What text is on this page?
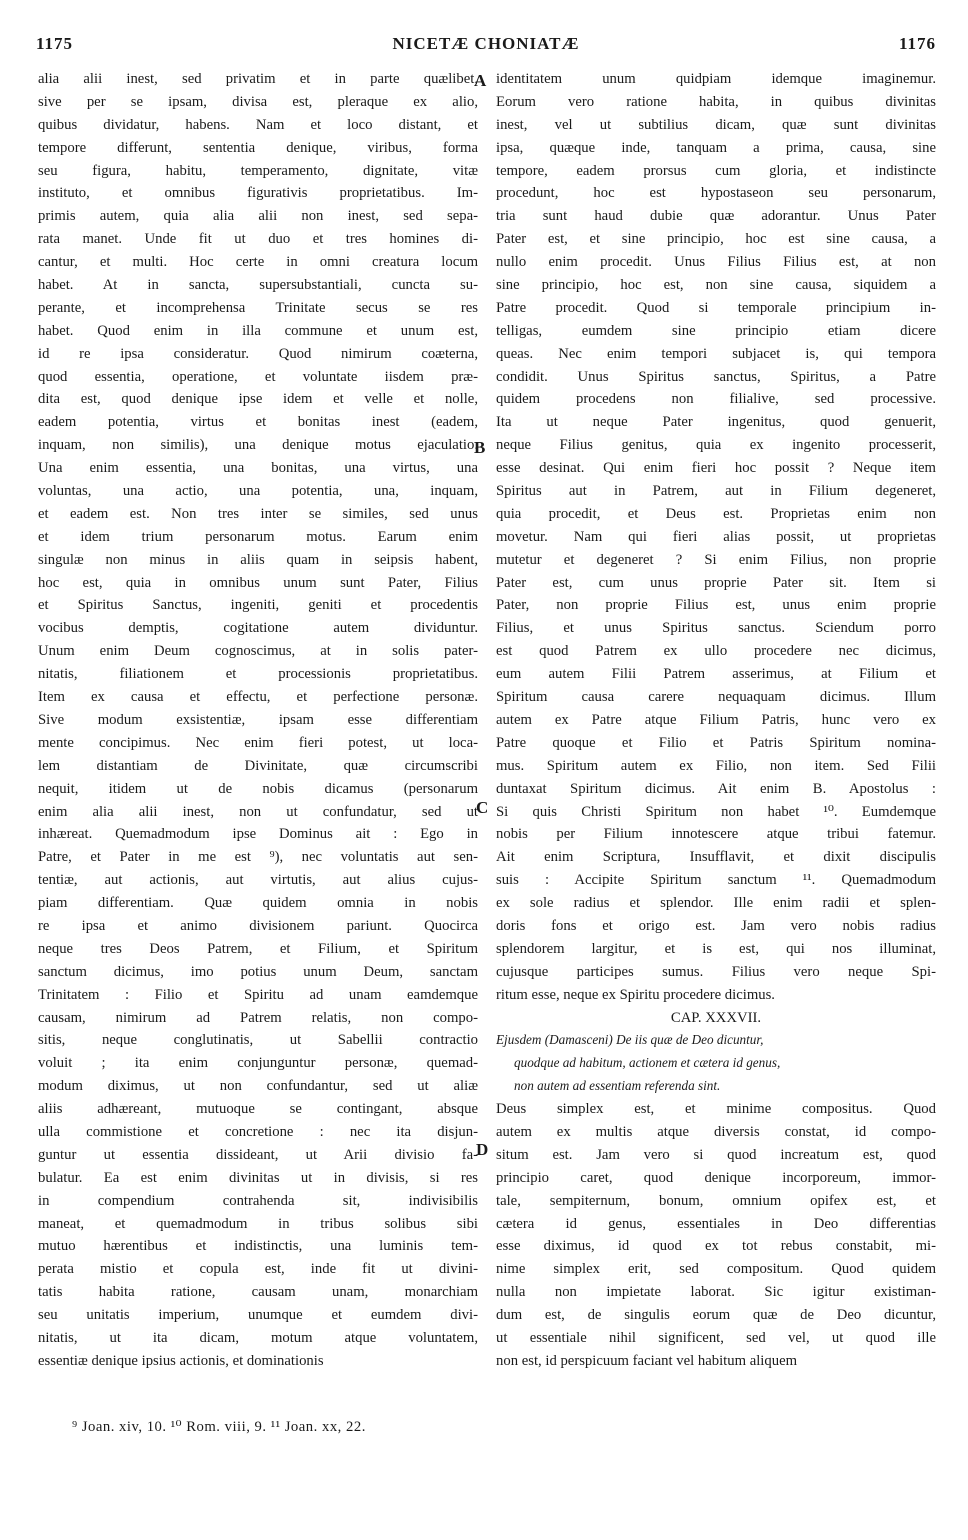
1175	NICETÆ CHONIATÆ	1176
alia alii inest, sed privatim et in parte quælibet,
sive per se ipsam, divisa est, pleraque ex alio,
quibus dividatur, habens. Nam et loco distant, et
tempore differunt, sententia denique, viribus, forma
seu figura, habitu, temperamento, dignitate, vitæ
instituto, et omnibus figurativis proprietatibus. Im-
primis autem, quia alia alii non inest, sed sepa-
rata manet. Unde fit ut duo et tres homines di-
cantur, et multi. Hoc certe in omni creatura locum
habet. At in sancta, supersubstantiali, cuncta su-
perante, et incomprehensa Trinitate secus se res
habet. Quod enim in illa commune et unum est,
id re ipsa consideratur. Quod nimirum coæterna,
quod essentia, operatione, et voluntate iisdem præ-
dita est, quod denique ipse idem et velle et nolle,
eadem potentia, virtus et bonitas inest (eadem,
inquam, non similis), una denique motus ejaculatio.
Una enim essentia, una bonitas, una virtus, una
voluntas, una actio, una potentia, una, inquam,
et eadem est. Non tres inter se similes, sed unus
et idem trium personarum motus. Earum enim
singulæ non minus in aliis quam in seipsis habent,
hoc est, quia in omnibus unum sunt Pater, Filius
et Spiritus Sanctus, ingeniti, geniti et procedentis
vocibus demptis, cogitatione autem dividuntur.
Unum enim Deum cognoscimus, at in solis pater-
nitatis, filiationem et processionis proprietatibus.
Item ex causa et effectu, et perfectione personæ.
Sive modum exsistentiæ, ipsam esse differentiam
mente concipimus. Nec enim fieri potest, ut loca-
lem distantiam de Divinitate, quæ circumscribi
nequit, itidem ut de nobis dicamus (personarum
enim alia alii inest, non ut confundatur, sed ut
inhæreat. Quemadmodum ipse Dominus ait : Ego in
Patre, et Pater in me est ⁹), nec voluntatis aut sen-
tentiæ, aut actionis, aut virtutis, aut alius cujus-
piam differentiam. Quæ quidem omnia in nobis
re ipsa et animo divisionem pariunt. Quocirca
neque tres Deos Patrem, et Filium, et Spiritum
sanctum dicimus, imo potius unum Deum, sanctam
Trinitatem : Filio et Spiritu ad unam eamdemque
causam, nimirum ad Patrem relatis, non compo-
sitis, neque conglutinatis, ut Sabellii contractio
voluit ; ita enim conjunguntur personæ, quemad-
modum diximus, ut non confundantur, sed ut aliæ
aliis adhæreant, mutuoque se contingant, absque
ulla commistione et concretione : nec ita disjun-
guntur ut essentia dissideant, ut Arii divisio fa-
bulatur. Ea est enim divinitas ut in divisis, si res
in compendium contrahenda sit, indivisibilis
maneat, et quemadmodum in tribus solibus sibi
mutuo hærentibus et indistinctis, una luminis tem-
perata mistio et copula est, inde fit ut divini-
tatis habita ratione, causam unam, monarchiam
seu unitatis imperium, unumque et eumdem divi-
nitatis, ut ita dicam, motum atque voluntatem,
essentiæ denique ipsius actionis, et dominationis
identitatem unum quidpiam idemque imaginemur.
Eorum vero ratione habita, in quibus divinitas
inest, vel ut subtilius dicam, quæ sunt divinitas
ipsa, quæque inde, tanquam a prima, causa, sine
tempore, eadem prorsus cum gloria, et indistincte
procedunt, hoc est hypostaseon seu personarum,
tria sunt haud dubie quæ adorantur. Unus Pater
Pater est, et sine principio, hoc est sine causa, a
nullo enim procedit. Unus Filius Filius est, at non
sine principio, hoc est, non sine causa, siquidem a
Patre procedit. Quod si temporale principium in-
telligas, eumdem sine principio etiam dicere
queas. Nec enim tempori subjacet is, qui tempora
condidit. Unus Spiritus sanctus, Spiritus, a Patre
quidem procedens non filialive, sed processive.
Ita ut neque Pater ingenitus, quod genuerit,
neque Filius genitus, quia ex ingenito processerit,
esse desinat. Qui enim fieri hoc possit ? Neque item
Spiritus aut in Patrem, aut in Filium degeneret,
quia procedit, et Deus est. Proprietas enim non
movetur. Nam qui fieri alias possit, ut proprietas
mutetur et degeneret ? Si enim Filius, non proprie
Pater est, cum unus proprie Pater sit. Item si
Pater, non proprie Filius est, unus enim proprie
Filius, et unus Spiritus sanctus. Sciendum porro
est quod Patrem ex ullo procedere nec dicimus,
eum autem Filii Patrem asserimus, at Filium et
Spiritum causa carere nequaquam dicimus. Illum
autem ex Patre atque Filium Patris, hunc vero ex
Patre quoque et Filio et Patris Spiritum nomina-
mus. Spiritum autem ex Filio, non item. Sed Filii
duntaxat Spiritum dicimus. Ait enim B. Apostolus :
Si quis Christi Spiritum non habet ¹⁰. Eumdemque
nobis per Filium innotescere atque tribui fatemur.
Ait enim Scriptura, Insufflavit, et dixit discipulis
suis : Accipite Spiritum sanctum ¹¹. Quemadmodum
ex sole radius et splendor. Ille enim radii et splen-
doris fons et origo est. Jam vero nobis radius
splendorem largitur, et is est, qui nos illuminat,
cujusque participes sumus. Filius vero neque Spi-
ritum esse, neque ex Spiritu procedere dicimus.
CAP. XXXVII.
Ejusdem (Damasceni) De iis quæ de Deo dicuntur,
quodque ad habitum, actionem et cætera id genus,
non autem ad essentiam referenda sint.
Deus simplex est, et minime compositus. Quod
autem ex multis atque diversis constat, id compo-
situm est. Jam vero si quod increatum est, quod
principio caret, quod denique incorporeum, immor-
tale, sempiternum, bonum, omnium opifex est, et
cætera id genus, essentiales in Deo differentias
esse diximus, id quod ex tot rebus constabit, mi-
nime simplex erit, sed compositum. Quod quidem
nulla non impietate laborat. Sic igitur existiman-
dum est, de singulis eorum quæ de Deo dicuntur,
ut essentiale nihil significent, sed vel, ut quod ille
non est, id perspicuum faciant vel habitum aliquem
A
B
C
D
⁹ Joan. xiv, 10. ¹⁰ Rom. viii, 9. ¹¹ Joan. xx, 22.
